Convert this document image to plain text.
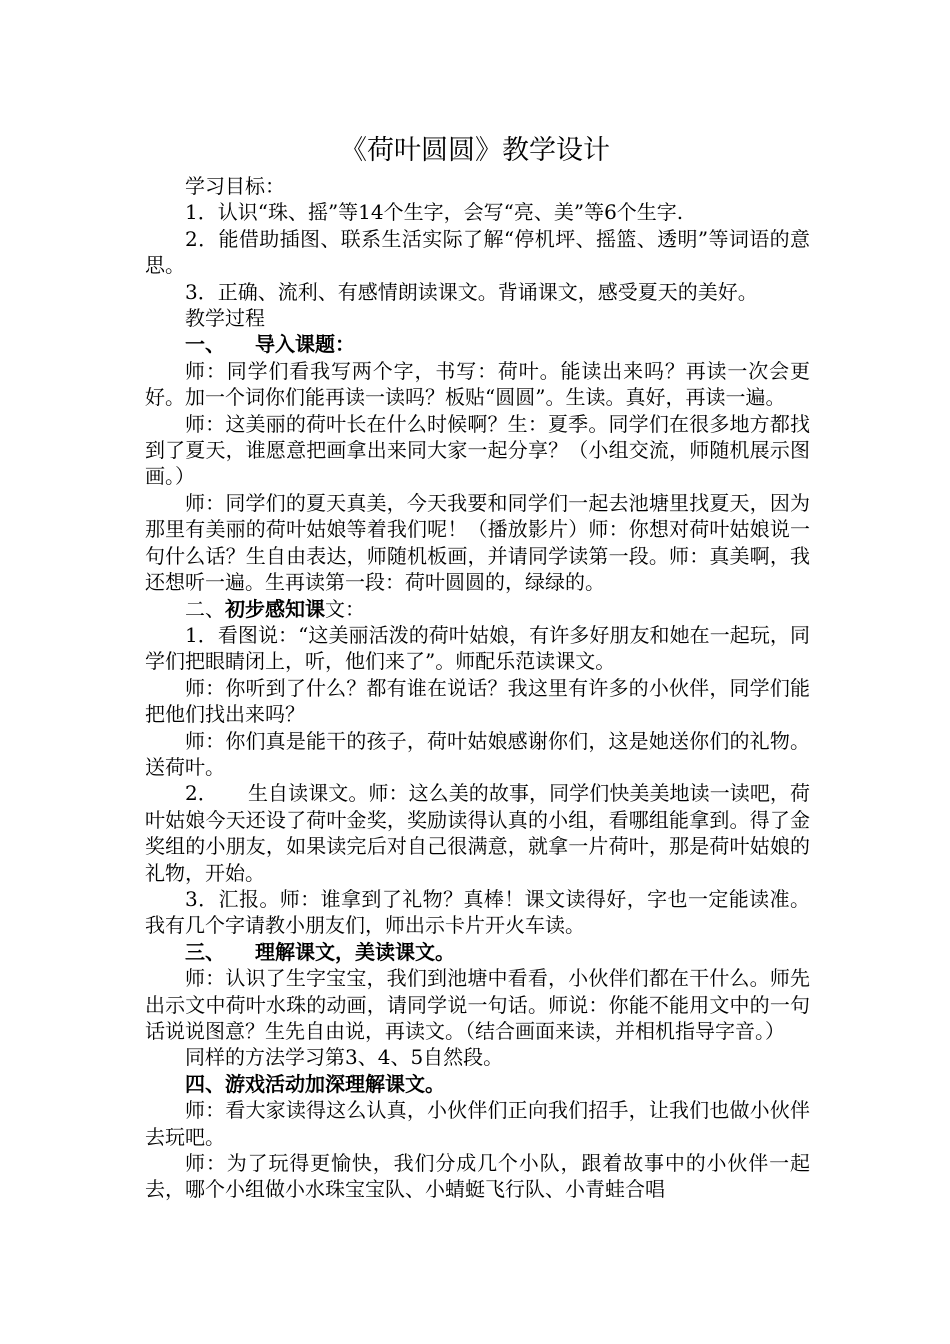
《荷叶圆圆》教学设计

学习目标：

1．认识“珠、摇”等14个生字，会写“亮、美”等6个生字.

2．能借助插图、联系生活实际了解“停机坪、摇篮、透明”等词语的意思。

3．正确、流利、有感情朗读课文。背诵课文，感受夏天的美好。

教学过程

一、 导入课题：

师：同学们看我写两个字，书写：荷叶。能读出来吗？再读一次会更好。加一个词你们能再读一读吗？板贴“圆圆”。生读。真好，再读一遍。

师：这美丽的荷叶长在什么时候啊？生：夏季。同学们在很多地方都找到了夏天，谁愿意把画拿出来同大家一起分享？（小组交流，师随机展示图画。）

师：同学们的夏天真美，今天我要和同学们一起去池塘里找夏天，因为那里有美丽的荷叶姑娘等着我们呢！（播放影片）师：你想对荷叶姑娘说一句什么话？生自由表达，师随机板画，并请同学读第一段。师：真美啊，我还想听一遍。生再读第一段：荷叶圆圆的，绿绿的。

二、初步感知课文：

1．看图说：“这美丽活泼的荷叶姑娘，有许多好朋友和她在一起玩，同学们把眼睛闭上，听，他们来了”。师配乐范读课文。

师：你听到了什么？都有谁在说话？我这里有许多的小伙伴，同学们能把他们找出来吗？

师：你们真是能干的孩子，荷叶姑娘感谢你们，这是她送你们的礼物。送荷叶。

2． 生自读课文。师：这么美的故事，同学们快美美地读一读吧，荷叶姑娘今天还设了荷叶金奖，奖励读得认真的小组，看哪组能拿到。得了金奖组的小朋友，如果读完后对自己很满意，就拿一片荷叶，那是荷叶姑娘的礼物，开始。

3．汇报。师：谁拿到了礼物？真棒！课文读得好，字也一定能读准。我有几个字请教小朋友们，师出示卡片开火车读。

三、 理解课文，美读课文。

师：认识了生字宝宝，我们到池塘中看看，小伙伴们都在干什么。师先出示文中荷叶水珠的动画，请同学说一句话。师说：你能不能用文中的一句话说说图意？生先自由说，再读文。（结合画面来读，并相机指导字音。）

同样的方法学习第3、4、5自然段。

四、游戏活动加深理解课文。

师：看大家读得这么认真，小伙伴们正向我们招手，让我们也做小伙伴去玩吧。

师：为了玩得更愉快，我们分成几个小队，跟着故事中的小伙伴一起去，哪个小组做小水珠宝宝队、小蜻蜓飞行队、小青蛙合唱
